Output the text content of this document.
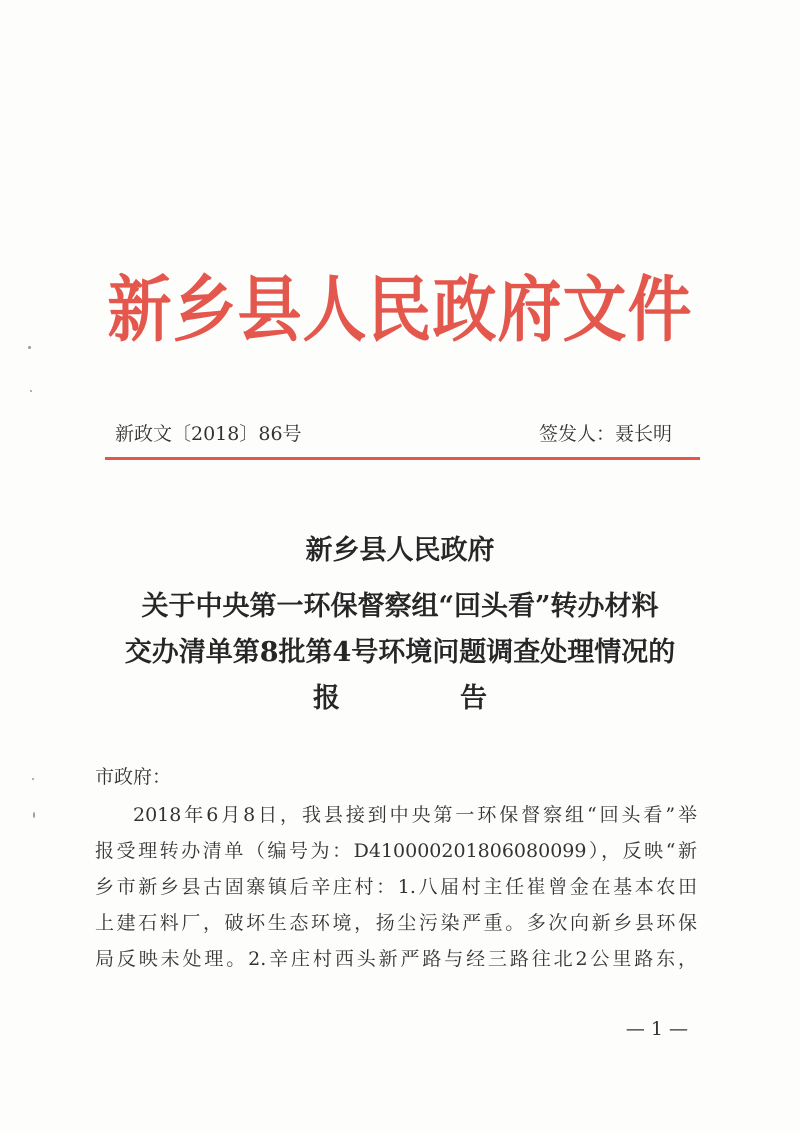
新乡县人民政府文件
新政文〔2018〕86号	签发人：聂长明
新乡县人民政府
关于中央第一环保督察组“回头看”转办材料
交办清单第8批第4号环境问题调查处理情况的
报	告
市政府：
2018年6月8日，我县接到中央第一环保督察组“回头看”举
报受理转办清单（编号为：D410000201806080099），反映“新
乡市新乡县古固寨镇后辛庄村：1.八届村主任崔曾金在基本农田
上建石料厂，破坏生态环境，扬尘污染严重。多次向新乡县环保
局反映未处理。2.辛庄村西头新严路与经三路往北2公里路东，
— 1 —
